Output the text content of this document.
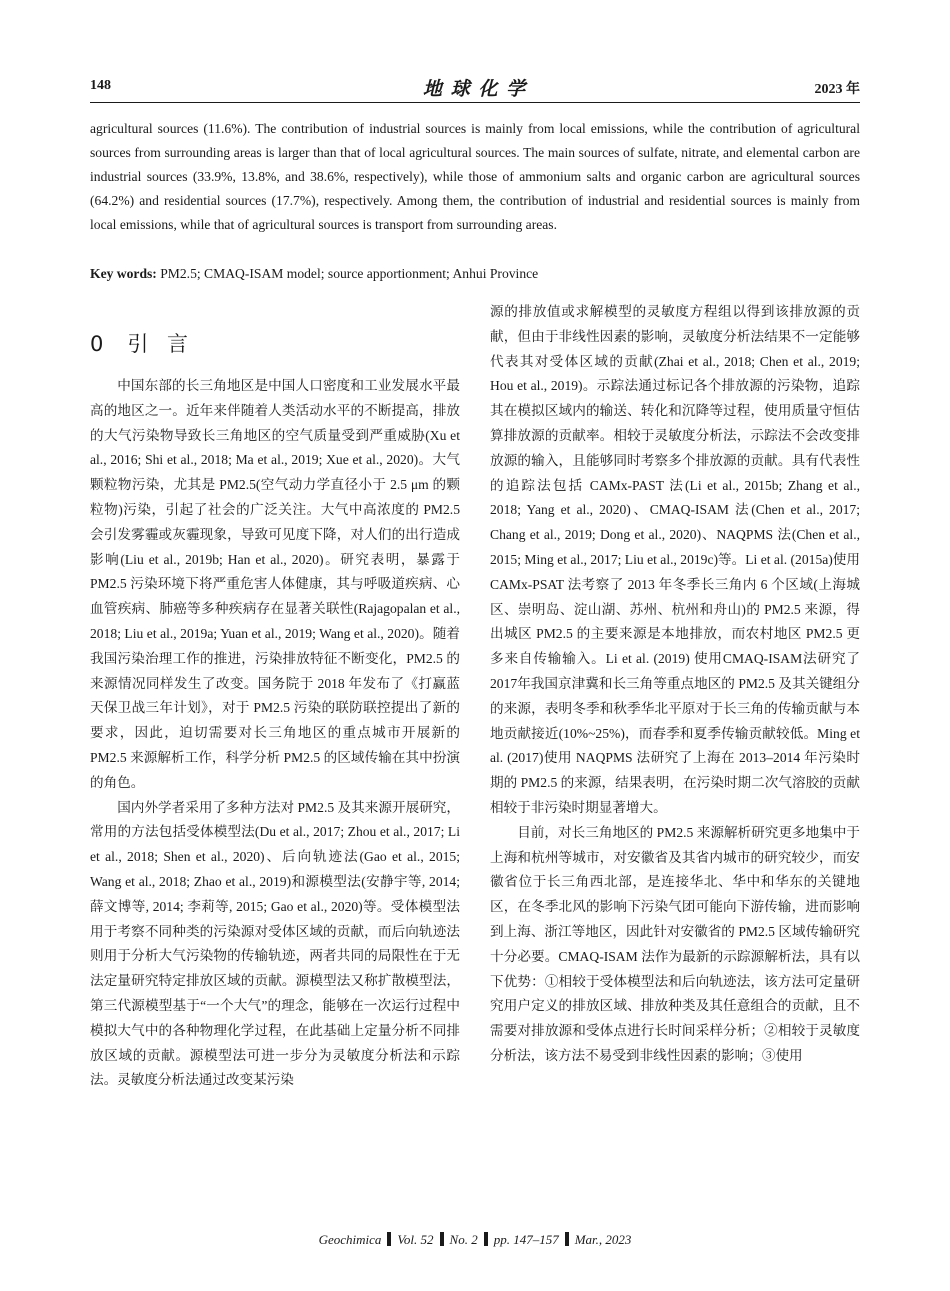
148	地 球 化 学	2023 年
agricultural sources (11.6%). The contribution of industrial sources is mainly from local emissions, while the contribution of agricultural sources from surrounding areas is larger than that of local agricultural sources. The main sources of sulfate, nitrate, and elemental carbon are industrial sources (33.9%, 13.8%, and 38.6%, respectively), while those of ammonium salts and organic carbon are agricultural sources (64.2%) and residential sources (17.7%), respectively. Among them, the contribution of industrial and residential sources is mainly from local emissions, while that of agricultural sources is transport from surrounding areas.
Key words: PM2.5; CMAQ-ISAM model; source apportionment; Anhui Province
0 引 言

中国东部的长三角地区是中国人口密度和工业发展水平最高的地区之一。近年来伴随着人类活动水平的不断提高，排放的大气污染物导致长三角地区的空气质量受到严重威胁(Xu et al., 2016; Shi et al., 2018; Ma et al., 2019; Xue et al., 2020)。大气颗粒物污染，尤其是 PM2.5(空气动力学直径小于 2.5 μm 的颗粒物)污染，引起了社会的广泛关注。大气中高浓度的 PM2.5 会引发雾霾或灰霾现象，导致可见度下降，对人们的出行造成影响(Liu et al., 2019b; Han et al., 2020)。研究表明，暴露于 PM2.5 污染环境下将严重危害人体健康，其与呼吸道疾病、心血管疾病、肺癌等多种疾病存在显著关联性(Rajagopalan et al., 2018; Liu et al., 2019a; Yuan et al., 2019; Wang et al., 2020)。随着我国污染治理工作的推进，污染排放特征不断变化，PM2.5 的来源情况同样发生了改变。国务院于 2018 年发布了《打赢蓝天保卫战三年计划》，对于 PM2.5 污染的联防联控提出了新的要求，因此，迫切需要对长三角地区的重点城市开展新的 PM2.5 来源解析工作，科学分析 PM2.5 的区域传输在其中扮演的角色。

国内外学者采用了多种方法对 PM2.5 及其来源开展研究，常用的方法包括受体模型法(Du et al., 2017; Zhou et al., 2017; Li et al., 2018; Shen et al., 2020)、后向轨迹法(Gao et al., 2015; Wang et al., 2018; Zhao et al., 2019)和源模型法(安静宇等, 2014; 薛文博等, 2014; 李莉等, 2015; Gao et al., 2020)等。受体模型法用于考察不同种类的污染源对受体区域的贡献，而后向轨迹法则用于分析大气污染物的传输轨迹，两者共同的局限性在于无法定量研究特定排放区域的贡献。源模型法又称扩散模型法，第三代源模型基于“一个大气”的理念，能够在一次运行过程中模拟大气中的各种物理化学过程，在此基础上定量分析不同排放区域的贡献。源模型法可进一步分为灵敏度分析法和示踪法。灵敏度分析法通过改变某污染

源的排放值或求解模型的灵敏度方程组以得到该排放源的贡献，但由于非线性因素的影响，灵敏度分析法结果不一定能够代表其对受体区域的贡献(Zhai et al., 2018; Chen et al., 2019; Hou et al., 2019)。示踪法通过标记各个排放源的污染物，追踪其在模拟区域内的输送、转化和沉降等过程，使用质量守恒估算排放源的贡献率。相较于灵敏度分析法，示踪法不会改变排放源的输入，且能够同时考察多个排放源的贡献。具有代表性的追踪法包括 CAMx-PAST 法(Li et al., 2015b; Zhang et al., 2018; Yang et al., 2020)、CMAQ-ISAM 法(Chen et al., 2017; Chang et al., 2019; Dong et al., 2020)、NAQPMS 法(Chen et al., 2015; Ming et al., 2017; Liu et al., 2019c)等。Li et al. (2015a)使用 CAMx-PSAT 法考察了 2013 年冬季长三角内 6 个区域(上海城区、崇明岛、淀山湖、苏州、杭州和舟山)的 PM2.5 来源，得出城区 PM2.5 的主要来源是本地排放，而农村地区 PM2.5 更多来自传输输入。Li et al. (2019) 使用CMAQ-ISAM法研究了2017年我国京津冀和长三角等重点地区的 PM2.5 及其关键组分的来源，表明冬季和秋季华北平原对于长三角的传输贡献与本地贡献接近(10%~25%)，而春季和夏季传输贡献较低。Ming et al. (2017)使用 NAQPMS 法研究了上海在 2013–2014 年污染时期的 PM2.5 的来源，结果表明，在污染时期二次气溶胶的贡献相较于非污染时期显著增大。

目前，对长三角地区的 PM2.5 来源解析研究更多地集中于上海和杭州等城市，对安徽省及其省内城市的研究较少，而安徽省位于长三角西北部，是连接华北、华中和华东的关键地区，在冬季北风的影响下污染气团可能向下游传输，进而影响到上海、浙江等地区，因此针对安徽省的 PM2.5 区域传输研究十分必要。CMAQ-ISAM 法作为最新的示踪源解析法，具有以下优势：①相较于受体模型法和后向轨迹法，该方法可定量研究用户定义的排放区域、排放种类及其任意组合的贡献，且不需要对排放源和受体点进行长时间采样分析；②相较于灵敏度分析法，该方法不易受到非线性因素的影响；③使用

Geochimica Vol. 52 No. 2 pp. 147–157 Mar., 2023
